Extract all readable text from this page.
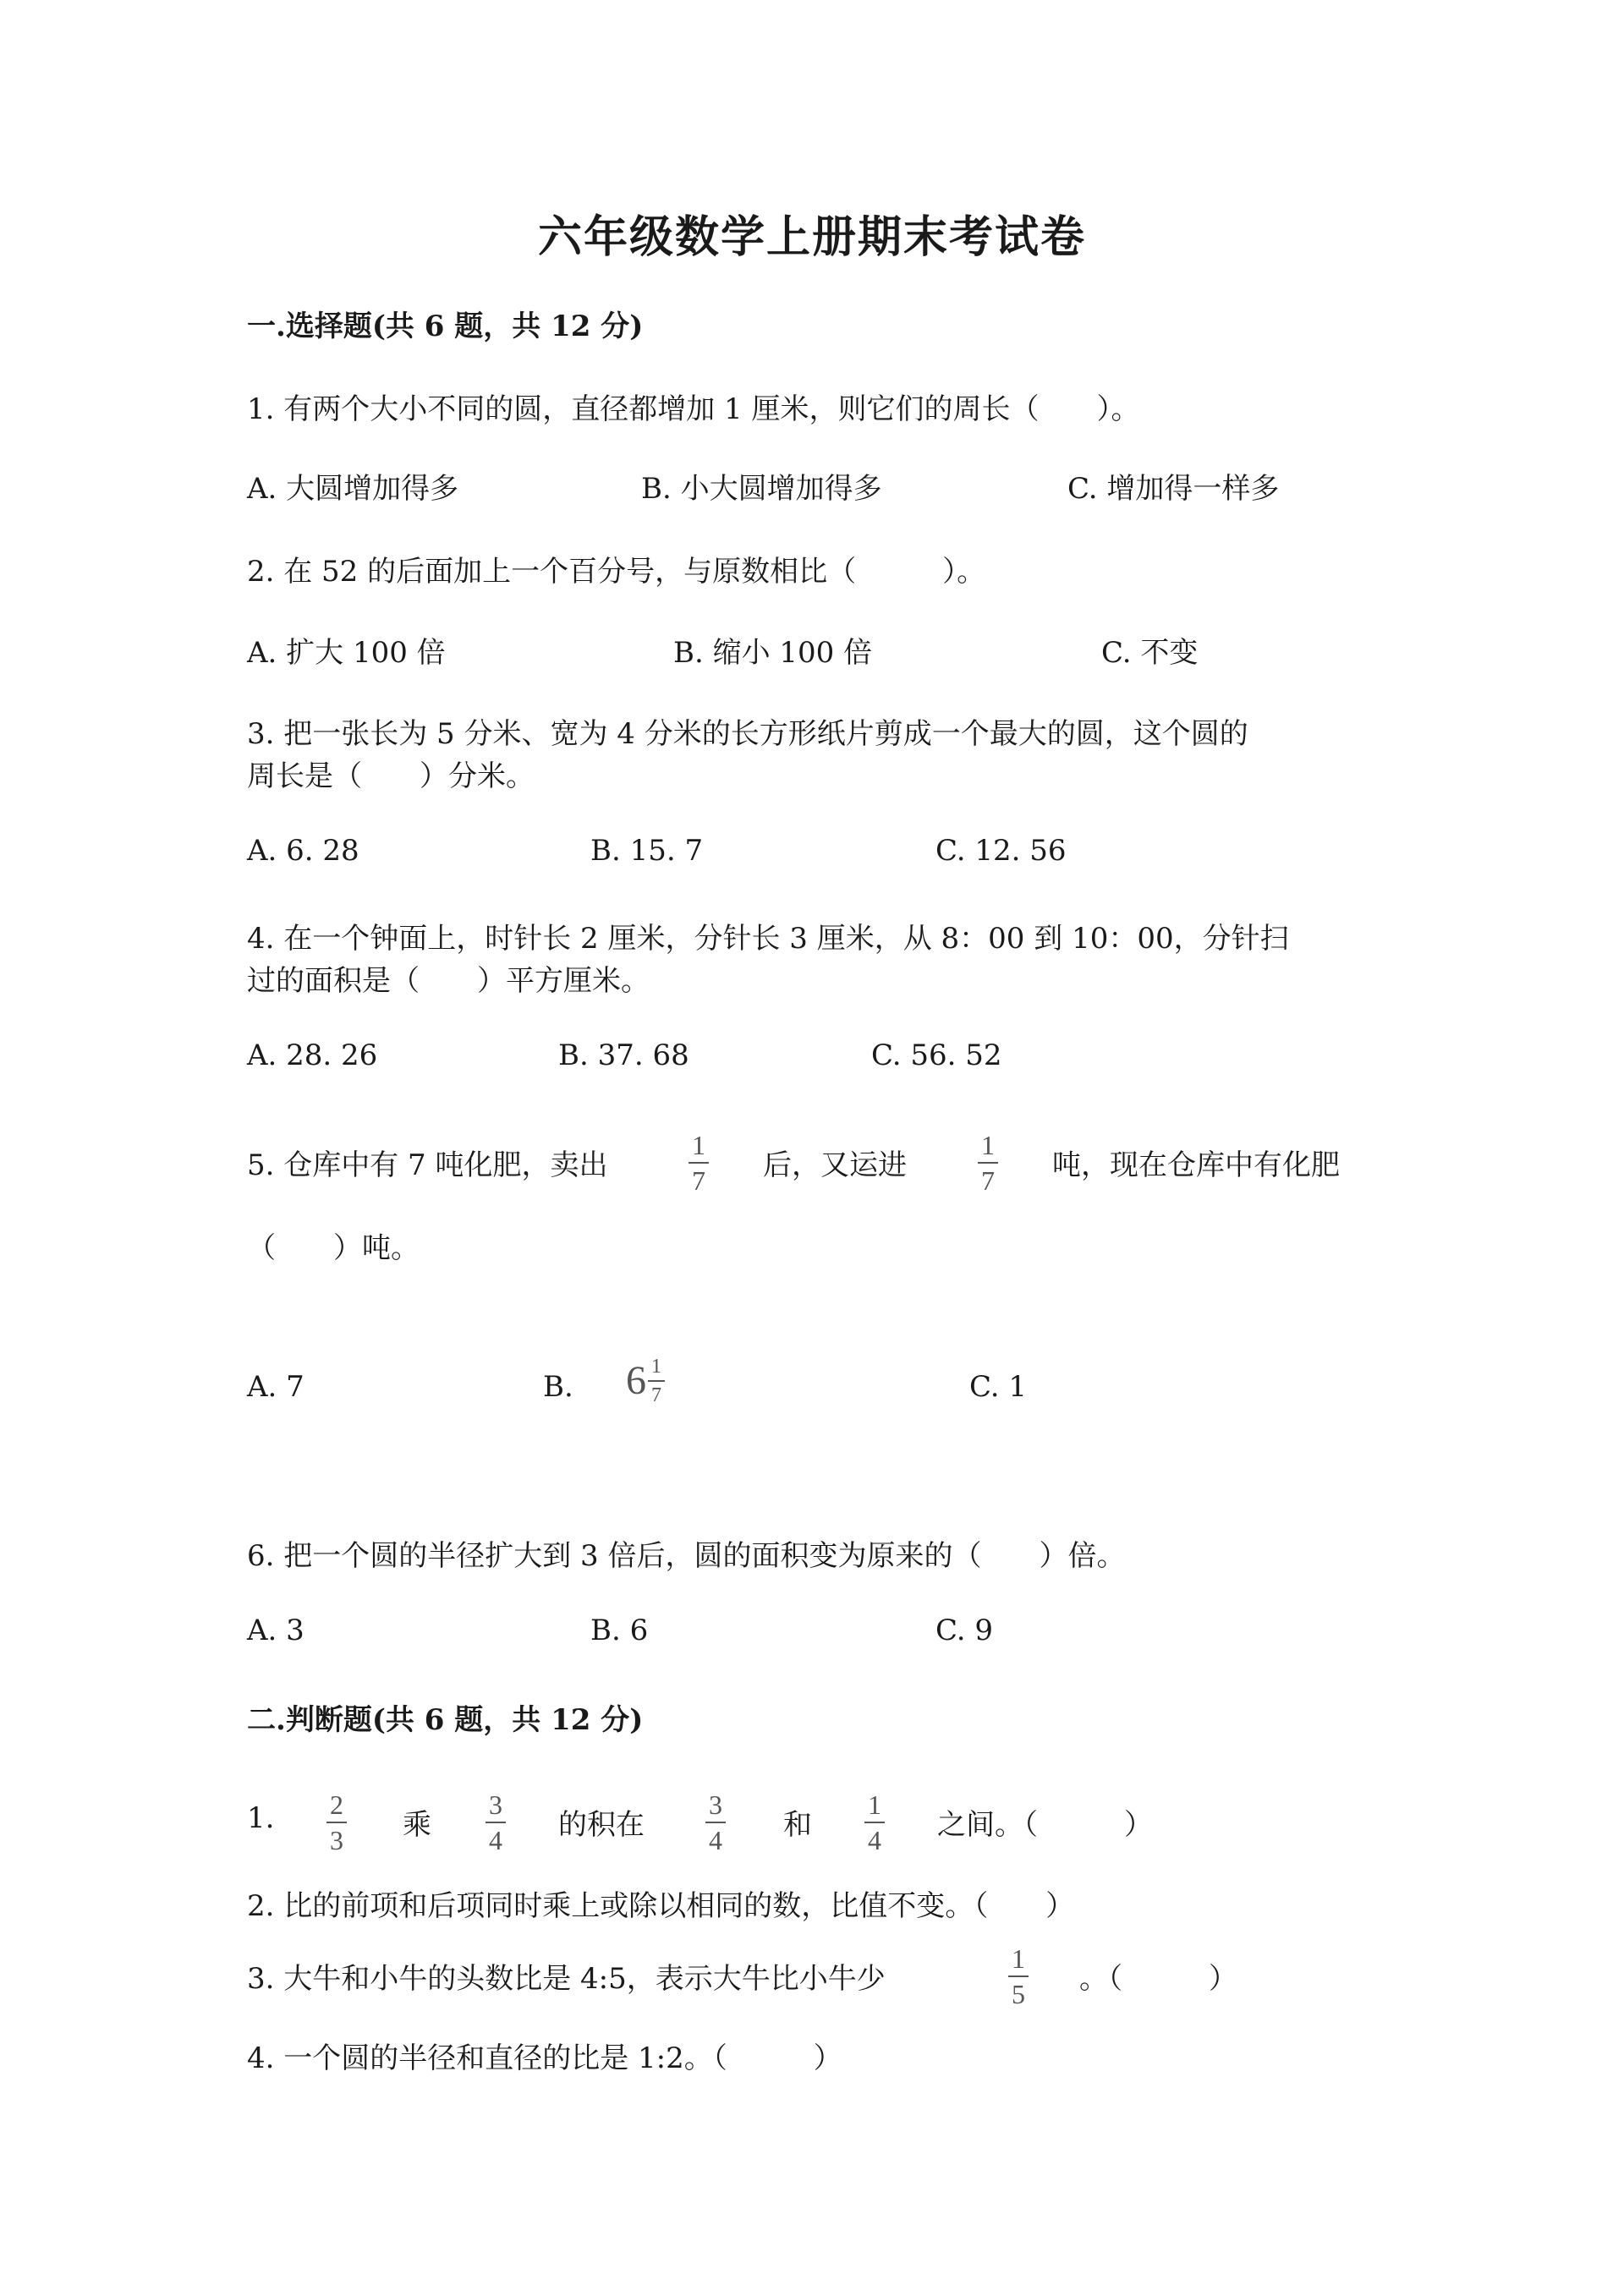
六年级数学上册期末考试卷
一.选择题(共 6 题，共 12 分)
1. 有两个大小不同的圆，直径都增加 1 厘米，则它们的周长（　　）。
A. 大圆增加得多	B. 小大圆增加得多	C. 增加得一样多
2. 在 52 的后面加上一个百分号，与原数相比（　　　）。
A. 扩大 100 倍	B. 缩小 100 倍	C. 不变
3. 把一张长为 5 分米、宽为 4 分米的长方形纸片剪成一个最大的圆，这个圆的
周长是（　　）分米。
A. 6. 28	B. 15. 7	C. 12. 56
4. 在一个钟面上，时针长 2 厘米，分针长 3 厘米，从 8：00 到 10：00，分针扫
过的面积是（　　）平方厘米。
A. 28. 26	B. 37. 68	C. 56. 52
5. 仓库中有 7 吨化肥，卖出	$\frac{1}{7}$ 后，又运进	$\frac{1}{7}$ 吨，现在仓库中有化肥
（　　）吨。
A. 7	B. $6 \frac{1}{7}$	C. 1
6. 把一个圆的半径扩大到 3 倍后，圆的面积变为原来的（　　）倍。
A. 3	B. 6	C. 9
二.判断题(共 6 题，共 12 分)
1. $\frac{2}{3}$ 乘 $\frac{3}{4}$ 的积在 $\frac{3}{4}$ 和 $\frac{1}{4}$ 之间。（　　　）
2. 比的前项和后项同时乘上或除以相同的数，比值不变。（　　）
3. 大牛和小牛的头数比是 4:5，表示大牛比小牛少	$\frac{1}{5}$ 。（　　　）
4. 一个圆的半径和直径的比是 1:2。（　　　）
